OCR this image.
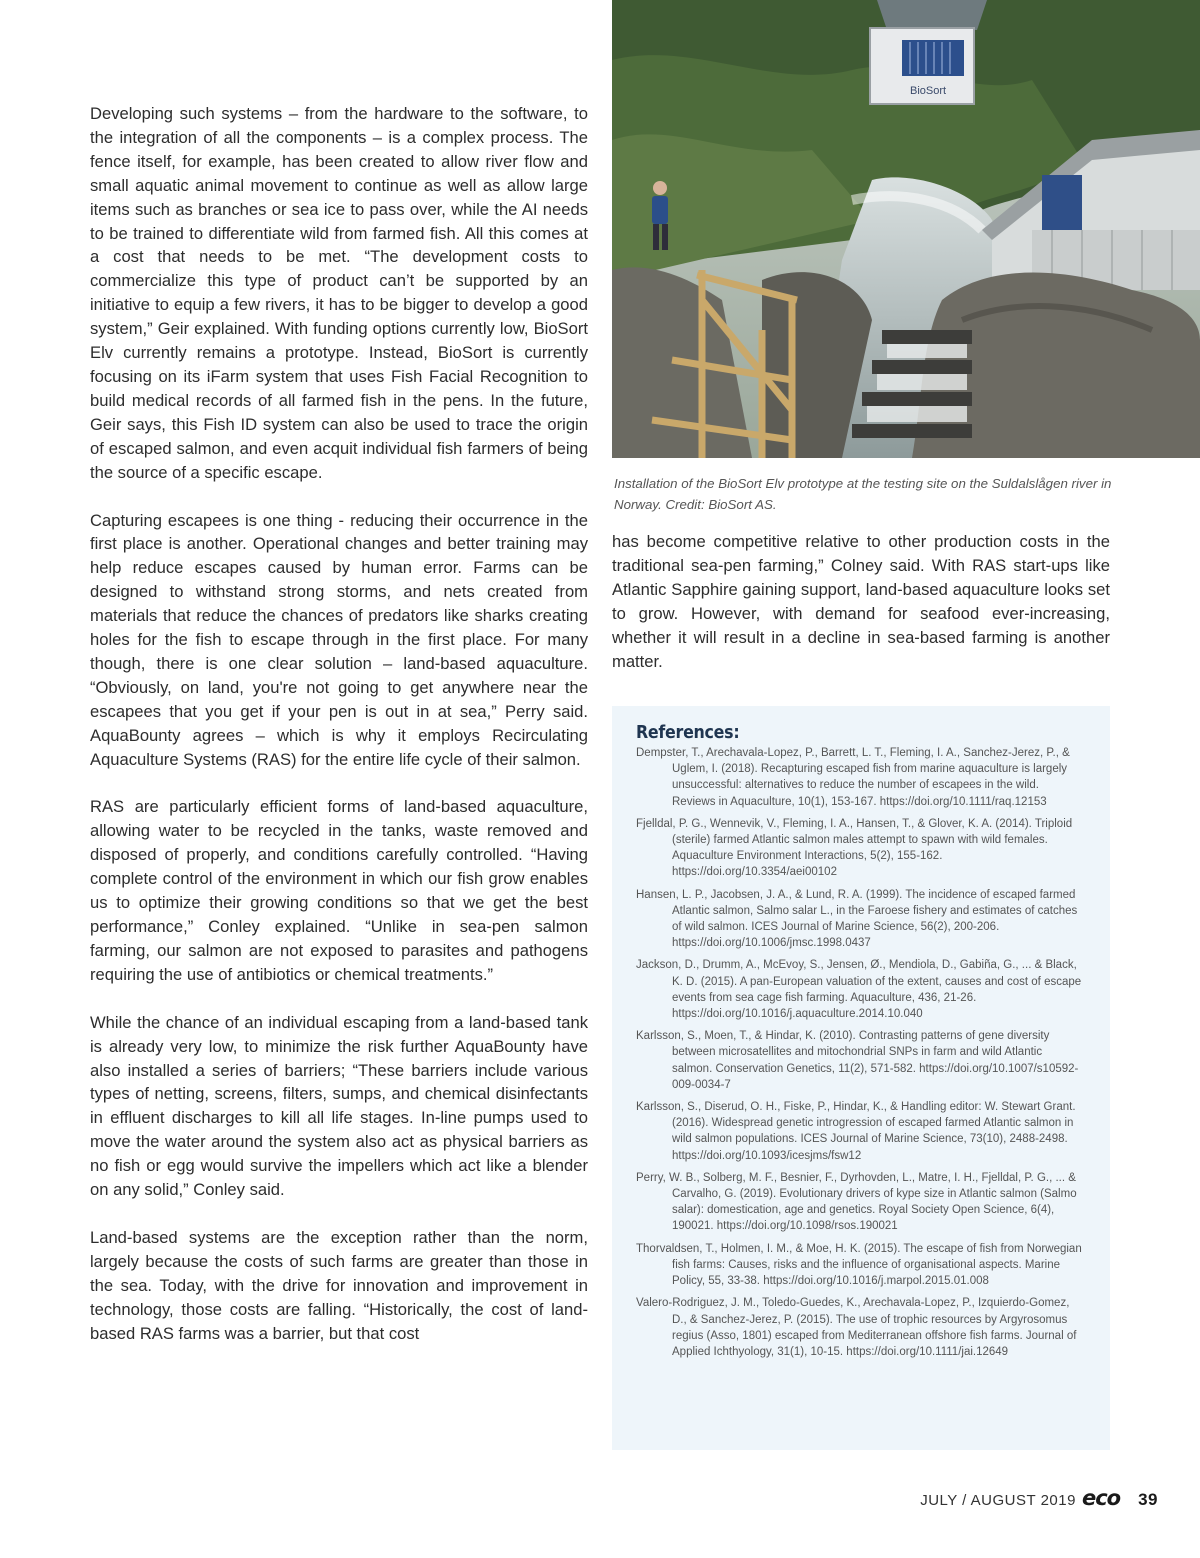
Developing such systems – from the hardware to the software, to the integration of all the components – is a complex process. The fence itself, for example, has been created to allow river flow and small aquatic animal movement to continue as well as allow large items such as branches or sea ice to pass over, while the AI needs to be trained to differentiate wild from farmed fish. All this comes at a cost that needs to be met. “The development costs to commercialize this type of product can’t be supported by an initiative to equip a few rivers, it has to be bigger to develop a good system,” Geir explained. With funding options currently low, BioSort Elv currently remains a prototype. Instead, BioSort is currently focusing on its iFarm system that uses Fish Facial Recognition to build medical records of all farmed fish in the pens. In the future, Geir says, this Fish ID system can also be used to trace the origin of escaped salmon, and even acquit individual fish farmers of being the source of a specific escape.

Capturing escapees is one thing - reducing their occurrence in the first place is another. Operational changes and better training may help reduce escapes caused by human error. Farms can be designed to withstand strong storms, and nets created from materials that reduce the chances of predators like sharks creating holes for the fish to escape through in the first place. For many though, there is one clear solution – land-based aquaculture. “Obviously, on land, you're not going to get anywhere near the escapees that you get if your pen is out in at sea,” Perry said. AquaBounty agrees – which is why it employs Recirculating Aquaculture Systems (RAS) for the entire life cycle of their salmon.

RAS are particularly efficient forms of land-based aquaculture, allowing water to be recycled in the tanks, waste removed and disposed of properly, and conditions carefully controlled. “Having complete control of the environment in which our fish grow enables us to optimize their growing conditions so that we get the best performance,” Conley explained. “Unlike in sea-pen salmon farming, our salmon are not exposed to parasites and pathogens requiring the use of antibiotics or chemical treatments.”

While the chance of an individual escaping from a land-based tank is already very low, to minimize the risk further AquaBounty have also installed a series of barriers; “These barriers include various types of netting, screens, filters, sumps, and chemical disinfectants in effluent discharges to kill all life stages. In-line pumps used to move the water around the system also act as physical barriers as no fish or egg would survive the impellers which act like a blender on any solid,” Conley said.

Land-based systems are the exception rather than the norm, largely because the costs of such farms are greater than those in the sea. Today, with the drive for innovation and improvement in technology, those costs are falling. “Historically, the cost of land-based RAS farms was a barrier, but that cost

BioSort
Installation of the BioSort Elv prototype at the testing site on the Suldalslågen river in Norway. Credit: BioSort AS.

has become competitive relative to other production costs in the traditional sea-pen farming,” Colney said. With RAS start-ups like Atlantic Sapphire gaining support, land-based aquaculture looks set to grow. However, with demand for seafood ever-increasing, whether it will result in a decline in sea-based farming is another matter.

References:
Dempster, T., Arechavala-Lopez, P., Barrett, L. T., Fleming, I. A., Sanchez-Jerez, P., & Uglem, I. (2018). Recapturing escaped fish from marine aquaculture is largely unsuccessful: alternatives to reduce the number of escapees in the wild. Reviews in Aquaculture, 10(1), 153-167. https://doi.org/10.1111/raq.12153
Fjelldal, P. G., Wennevik, V., Fleming, I. A., Hansen, T., & Glover, K. A. (2014). Triploid (sterile) farmed Atlantic salmon males attempt to spawn with wild females. Aquaculture Environment Interactions, 5(2), 155-162. https://doi.org/10.3354/aei00102
Hansen, L. P., Jacobsen, J. A., & Lund, R. A. (1999). The incidence of escaped farmed Atlantic salmon, Salmo salar L., in the Faroese fishery and estimates of catches of wild salmon. ICES Journal of Marine Science, 56(2), 200-206. https://doi.org/10.1006/jmsc.1998.0437
Jackson, D., Drumm, A., McEvoy, S., Jensen, Ø., Mendiola, D., Gabiña, G., ... & Black, K. D. (2015). A pan-European valuation of the extent, causes and cost of escape events from sea cage fish farming. Aquaculture, 436, 21-26. https://doi.org/10.1016/j.aquaculture.2014.10.040
Karlsson, S., Moen, T., & Hindar, K. (2010). Contrasting patterns of gene diversity between microsatellites and mitochondrial SNPs in farm and wild Atlantic salmon. Conservation Genetics, 11(2), 571-582. https://doi.org/10.1007/s10592-009-0034-7
Karlsson, S., Diserud, O. H., Fiske, P., Hindar, K., & Handling editor: W. Stewart Grant. (2016). Widespread genetic introgression of escaped farmed Atlantic salmon in wild salmon populations. ICES Journal of Marine Science, 73(10), 2488-2498. https://doi.org/10.1093/icesjms/fsw12
Perry, W. B., Solberg, M. F., Besnier, F., Dyrhovden, L., Matre, I. H., Fjelldal, P. G., ... & Carvalho, G. (2019). Evolutionary drivers of kype size in Atlantic salmon (Salmo salar): domestication, age and genetics. Royal Society Open Science, 6(4), 190021. https://doi.org/10.1098/rsos.190021
Thorvaldsen, T., Holmen, I. M., & Moe, H. K. (2015). The escape of fish from Norwegian fish farms: Causes, risks and the influence of organisational aspects. Marine Policy, 55, 33-38. https://doi.org/10.1016/j.marpol.2015.01.008
Valero-Rodriguez, J. M., Toledo-Guedes, K., Arechavala-Lopez, P., Izquierdo-Gomez, D., & Sanchez-Jerez, P. (2015). The use of trophic resources by Argyrosomus regius (Asso, 1801) escaped from Mediterranean offshore fish farms. Journal of Applied Ichthyology, 31(1), 10-15. https://doi.org/10.1111/jai.12649
JULY / AUGUST 2019 eco 39
